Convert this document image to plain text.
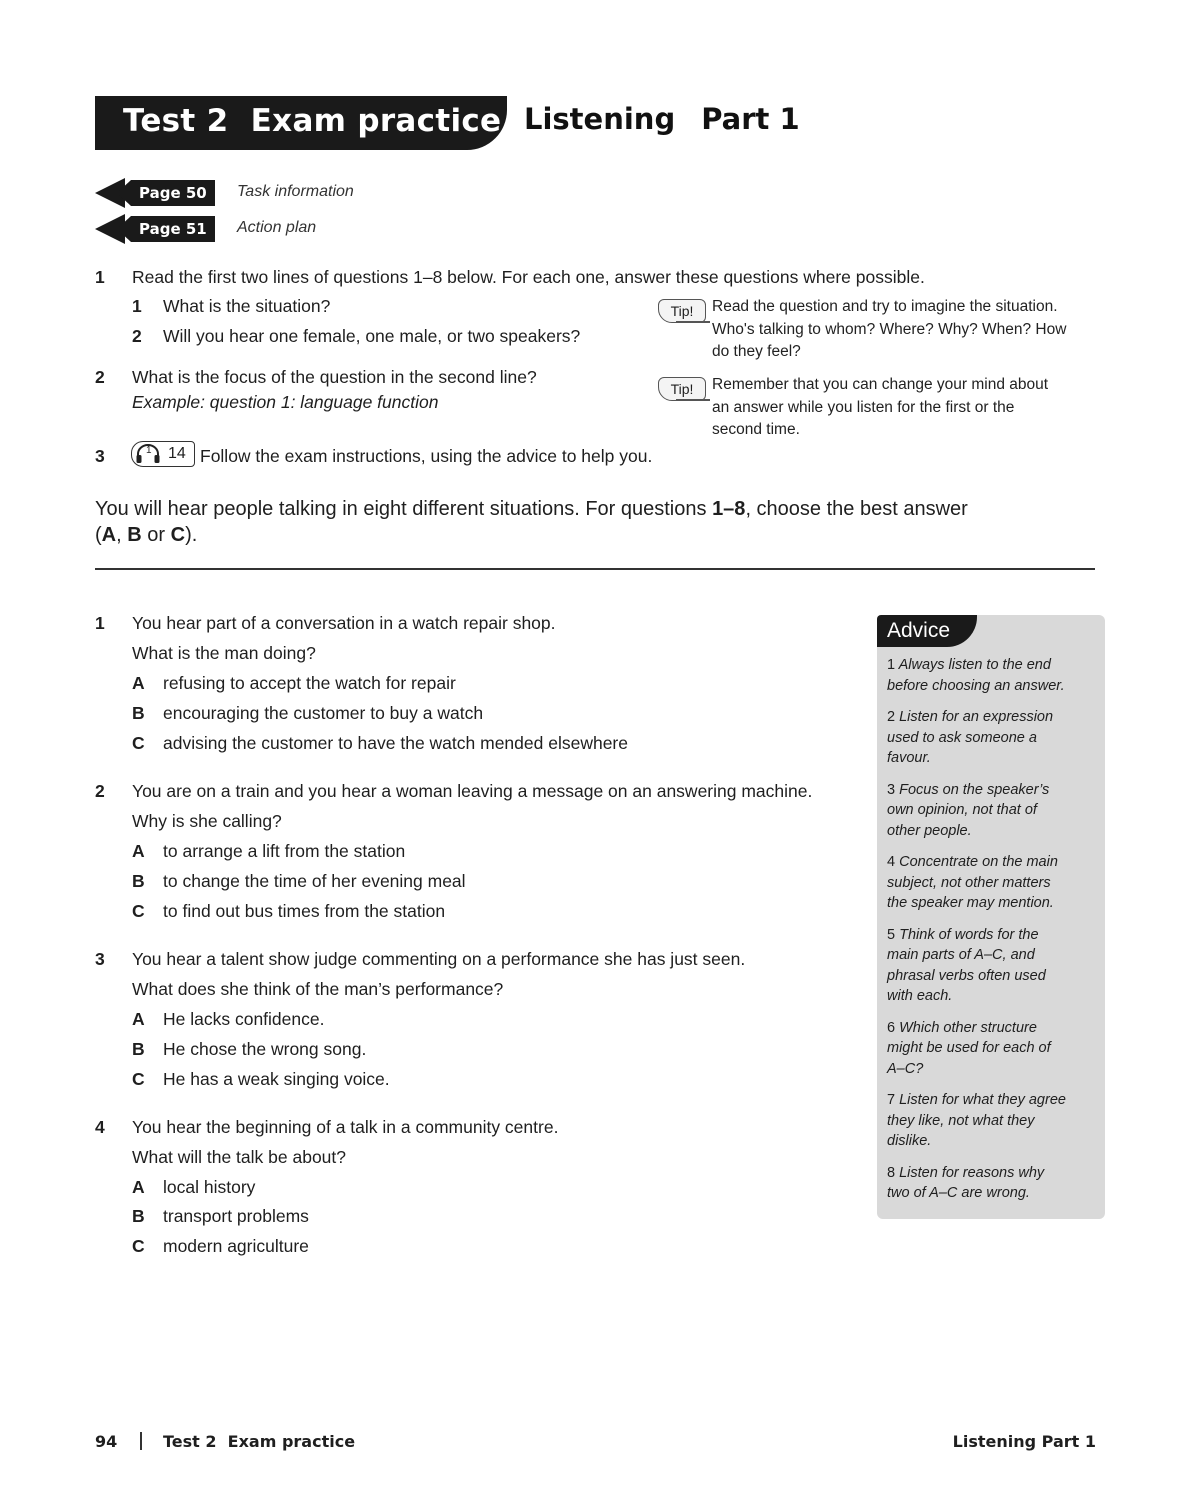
Test 2  Exam practice Listening Part 1
Page 50	Task information
Page 51	Action plan
1 Read the first two lines of questions 1–8 below. For each one, answer these questions where possible.
1 What is the situation?
2 Will you hear one female, one male, or two speakers?
2 What is the focus of the question in the second line?
Example: question 1: language function
3	1 14 Follow the exam instructions, using the advice to help you.
Tip!	Read the question and try to imagine the situation.
Who's talking to whom? Where? Why? When? How
do they feel?
Tip!	Remember that you can change your mind about
an answer while you listen for the first or the
second time.
You will hear people talking in eight different situations. For questions 1–8, choose the best answer
(A, B or C).
1 You hear part of a conversation in a watch repair shop.
What is the man doing?
A refusing to accept the watch for repair
B encouraging the customer to buy a watch
C advising the customer to have the watch mended elsewhere
2 You are on a train and you hear a woman leaving a message on an answering machine.
Why is she calling?
A to arrange a lift from the station
B to change the time of her evening meal
C to find out bus times from the station
3 You hear a talent show judge commenting on a performance she has just seen.
What does she think of the man’s performance?
A He lacks confidence.
B He chose the wrong song.
C He has a weak singing voice.
4 You hear the beginning of a talk in a community centre.
What will the talk be about?
A local history
B transport problems
C modern agriculture
Advice
1 Always listen to the end
before choosing an answer.
2 Listen for an expression
used to ask someone a
favour.
3 Focus on the speaker’s
own opinion, not that of
other people.
4 Concentrate on the main
subject, not other matters
the speaker may mention.
5 Think of words for the
main parts of A–C, and
phrasal verbs often used
with each.
6 Which other structure
might be used for each of
A–C?
7 Listen for what they agree
they like, not what they
dislike.
8 Listen for reasons why
two of A–C are wrong.
94	Test 2  Exam practice	Listening Part 1
